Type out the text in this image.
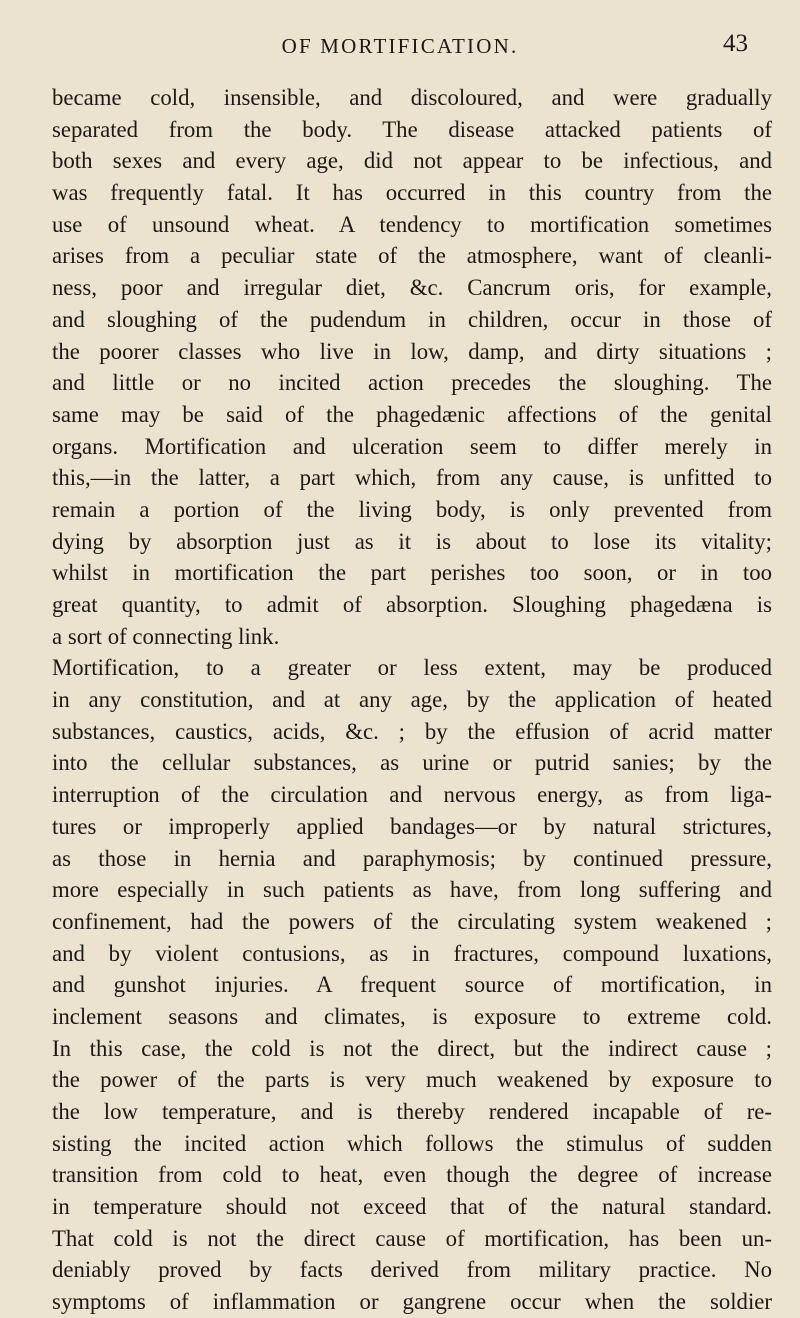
OF MORTIFICATION.	43
became cold, insensible, and discoloured, and were gradually
separated from the body. The disease attacked patients of
both sexes and every age, did not appear to be infectious, and
was frequently fatal. It has occurred in this country from the
use of unsound wheat. A tendency to mortification sometimes
arises from a peculiar state of the atmosphere, want of cleanli-
ness, poor and irregular diet, &c. Cancrum oris, for example,
and sloughing of the pudendum in children, occur in those of
the poorer classes who live in low, damp, and dirty situations ;
and little or no incited action precedes the sloughing. The
same may be said of the phagedænic affections of the genital
organs. Mortification and ulceration seem to differ merely in
this,—in the latter, a part which, from any cause, is unfitted to
remain a portion of the living body, is only prevented from
dying by absorption just as it is about to lose its vitality;
whilst in mortification the part perishes too soon, or in too
great quantity, to admit of absorption. Sloughing phagedæna is
a sort of connecting link.
Mortification, to a greater or less extent, may be produced
in any constitution, and at any age, by the application of heated
substances, caustics, acids, &c. ; by the effusion of acrid matter
into the cellular substances, as urine or putrid sanies; by the
interruption of the circulation and nervous energy, as from liga-
tures or improperly applied bandages—or by natural strictures,
as those in hernia and paraphymosis; by continued pressure,
more especially in such patients as have, from long suffering and
confinement, had the powers of the circulating system weakened ;
and by violent contusions, as in fractures, compound luxations,
and gunshot injuries. A frequent source of mortification, in
inclement seasons and climates, is exposure to extreme cold.
In this case, the cold is not the direct, but the indirect cause ;
the power of the parts is very much weakened by exposure to
the low temperature, and is thereby rendered incapable of re-
sisting the incited action which follows the stimulus of sudden
transition from cold to heat, even though the degree of increase
in temperature should not exceed that of the natural standard.
That cold is not the direct cause of mortification, has been un-
deniably proved by facts derived from military practice. No
symptoms of inflammation or gangrene occur when the soldier
